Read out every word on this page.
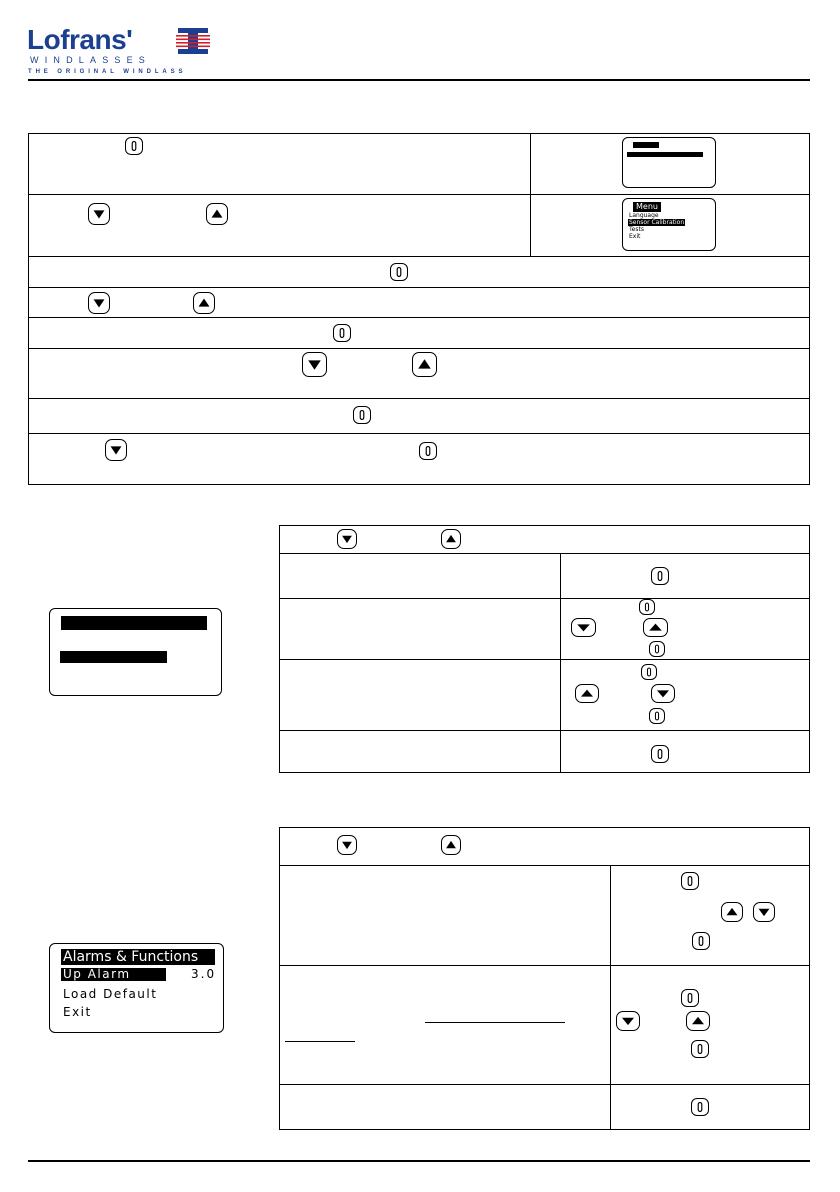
Lofrans'
WINDLASSES
THE ORIGINAL WINDLASS
Menu
Language
Sensor Calibration
Tests
Exit
Alarms & Functions
Up Alarm	3.0
Load Default
Exit
